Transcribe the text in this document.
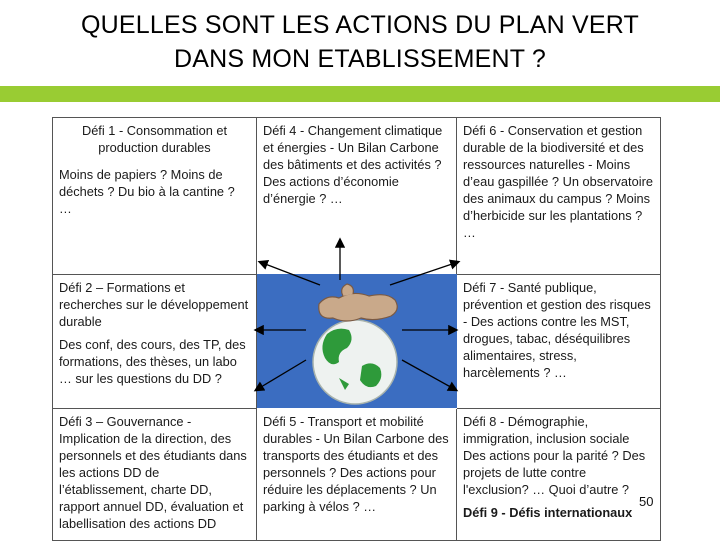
QUELLES SONT LES ACTIONS DU PLAN VERT
DANS MON ETABLISSEMENT ?

Défi 1 - Consommation et production durables

Moins de papiers ? Moins de déchets ? Du bio à la cantine ? …

Défi 4 - Changement climatique et énergies - Un Bilan Carbone des bâtiments et des activités ? Des actions d’économie d’énergie ? …

Défi 6 - Conservation et gestion durable de la biodiversité et des ressources naturelles - Moins d’eau gaspillée ? Un observatoire des animaux du campus ? Moins d’herbicide sur les plantations ? …

Défi 2 – Formations et recherches sur le développement durable

Des conf, des cours, des TP, des formations, des thèses, un labo … sur les questions du DD ?

Défi 7 - Santé publique, prévention et gestion des risques - Des actions contre les MST, drogues, tabac, déséquilibres alimentaires, stress, harcèlements ? …

Défi 3 – Gouvernance - Implication de la direction, des personnels et des étudiants dans les actions DD de l’établissement, charte DD, rapport annuel DD, évaluation et labellisation des actions DD

Défi 5 - Transport et mobilité durables - Un Bilan Carbone des transports des étudiants et des personnels ? Des actions pour réduire les déplacements ? Un parking à vélos ? …

Défi 8 - Démographie, immigration, inclusion sociale Des actions pour la parité ? Des projets de lutte contre l'exclusion? … Quoi d’autre ?

Défi 9 - Défis internationaux

50
